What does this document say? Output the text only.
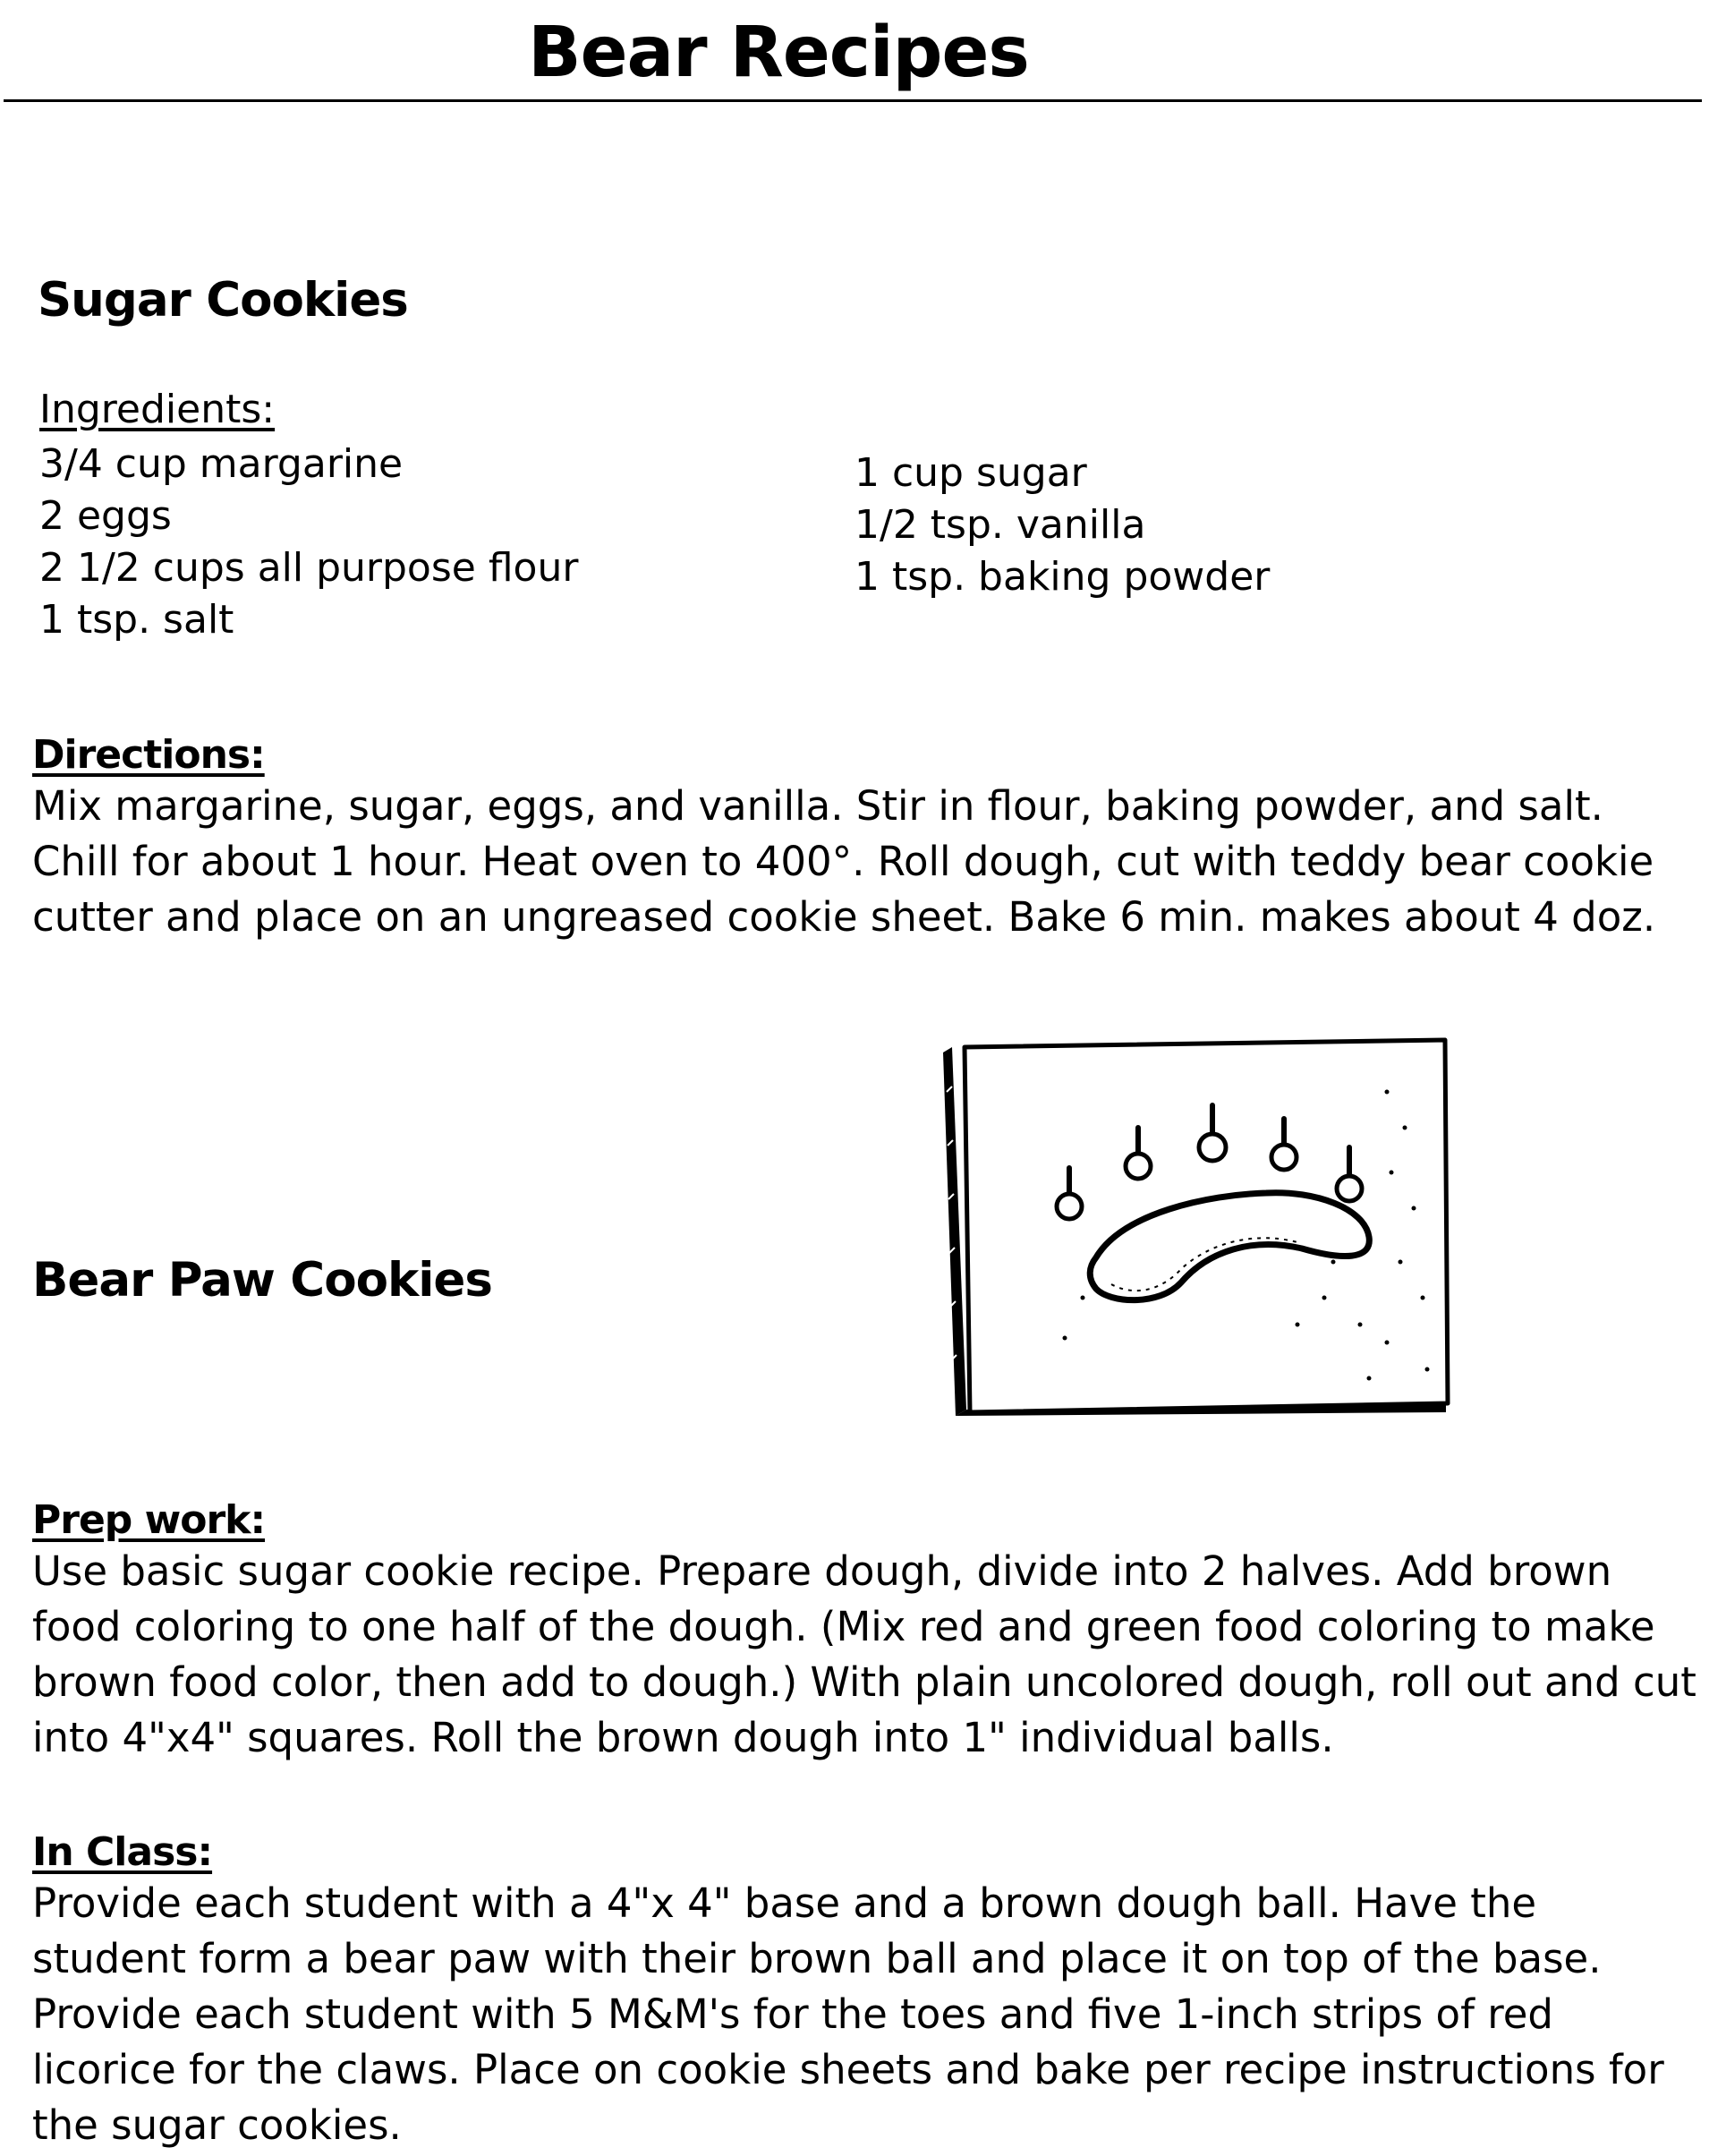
Bear Recipes
Sugar Cookies
Ingredients:
3/4 cup margarine
2 eggs
2 1/2 cups all purpose flour
1 tsp. salt
1 cup sugar
1/2 tsp. vanilla
1 tsp. baking powder
Directions:

Mix margarine, sugar, eggs, and vanilla. Stir in flour, baking powder, and salt. Chill for about 1 hour. Heat oven to 400°. Roll dough, cut with teddy bear cookie cutter and place on an ungreased cookie sheet. Bake 6 min. makes about 4 doz.

Bear Paw Cookies
Prep work:

Use basic sugar cookie recipe. Prepare dough, divide into 2 halves. Add brown food coloring to one half of the dough. (Mix red and green food coloring to make brown food color, then add to dough.) With plain uncolored dough, roll out and cut into 4"x4" squares. Roll the brown dough into 1" individual balls.

In Class:

Provide each student with a 4"x 4" base and a brown dough ball. Have the student form a bear paw with their brown ball and place it on top of the base. Provide each student with 5 M&M's for the toes and five 1-inch strips of red licorice for the claws. Place on cookie sheets and bake per recipe instructions for the sugar cookies.
